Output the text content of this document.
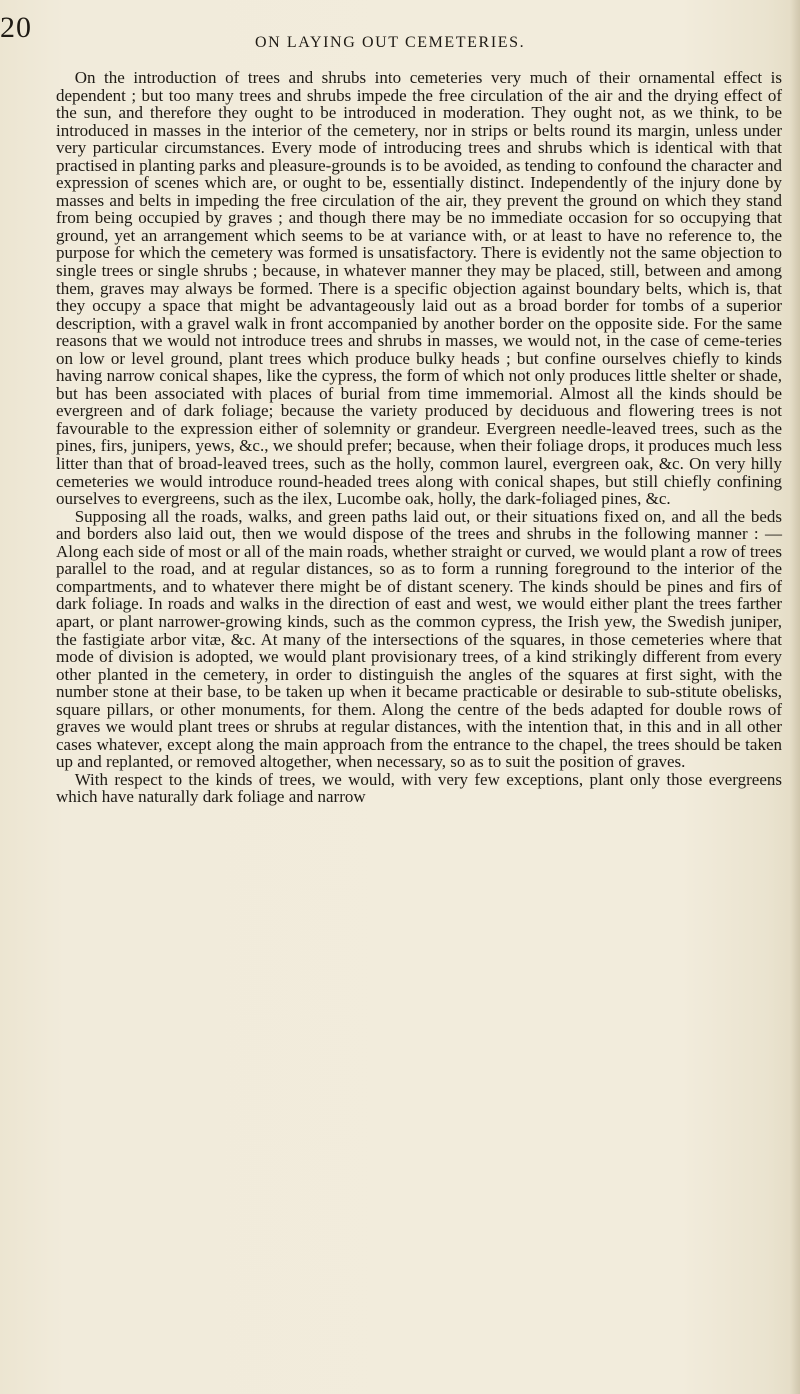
20	ON LAYING OUT CEMETERIES.

On the introduction of trees and shrubs into cemeteries very much of their ornamental effect is dependent ; but too many trees and shrubs impede the free circulation of the air and the drying effect of the sun, and therefore they ought to be introduced in moderation. They ought not, as we think, to be introduced in masses in the interior of the cemetery, nor in strips or belts round its margin, unless under very particular circumstances. Every mode of introducing trees and shrubs which is identical with that practised in planting parks and pleasure-grounds is to be avoided, as tending to confound the character and expression of scenes which are, or ought to be, essentially distinct. Independently of the injury done by masses and belts in impeding the free circulation of the air, they prevent the ground on which they stand from being occupied by graves ; and though there may be no immediate occasion for so occupying that ground, yet an arrangement which seems to be at variance with, or at least to have no reference to, the purpose for which the cemetery was formed is unsatisfactory. There is evidently not the same objection to single trees or single shrubs ; because, in whatever manner they may be placed, still, between and among them, graves may always be formed. There is a specific objection against boundary belts, which is, that they occupy a space that might be advantageously laid out as a broad border for tombs of a superior description, with a gravel walk in front accompanied by another border on the opposite side. For the same reasons that we would not introduce trees and shrubs in masses, we would not, in the case of ceme-teries on low or level ground, plant trees which produce bulky heads ; but confine ourselves chiefly to kinds having narrow conical shapes, like the cypress, the form of which not only produces little shelter or shade, but has been associated with places of burial from time immemorial. Almost all the kinds should be evergreen and of dark foliage; because the variety produced by deciduous and flowering trees is not favourable to the expression either of solemnity or grandeur. Evergreen needle-leaved trees, such as the pines, firs, junipers, yews, &c., we should prefer; because, when their foliage drops, it produces much less litter than that of broad-leaved trees, such as the holly, common laurel, evergreen oak, &c. On very hilly cemeteries we would introduce round-headed trees along with conical shapes, but still chiefly confining ourselves to evergreens, such as the ilex, Lucombe oak, holly, the dark-foliaged pines, &c.

Supposing all the roads, walks, and green paths laid out, or their situations fixed on, and all the beds and borders also laid out, then we would dispose of the trees and shrubs in the following manner : — Along each side of most or all of the main roads, whether straight or curved, we would plant a row of trees parallel to the road, and at regular distances, so as to form a running foreground to the interior of the compartments, and to whatever there might be of distant scenery. The kinds should be pines and firs of dark foliage. In roads and walks in the direction of east and west, we would either plant the trees farther apart, or plant narrower-growing kinds, such as the common cypress, the Irish yew, the Swedish juniper, the fastigiate arbor vitæ, &c. At many of the intersections of the squares, in those cemeteries where that mode of division is adopted, we would plant provisionary trees, of a kind strikingly different from every other planted in the cemetery, in order to distinguish the angles of the squares at first sight, with the number stone at their base, to be taken up when it became practicable or desirable to sub-stitute obelisks, square pillars, or other monuments, for them. Along the centre of the beds adapted for double rows of graves we would plant trees or shrubs at regular distances, with the intention that, in this and in all other cases whatever, except along the main approach from the entrance to the chapel, the trees should be taken up and replanted, or removed altogether, when necessary, so as to suit the position of graves.

With respect to the kinds of trees, we would, with very few exceptions, plant only those evergreens which have naturally dark foliage and narrow
